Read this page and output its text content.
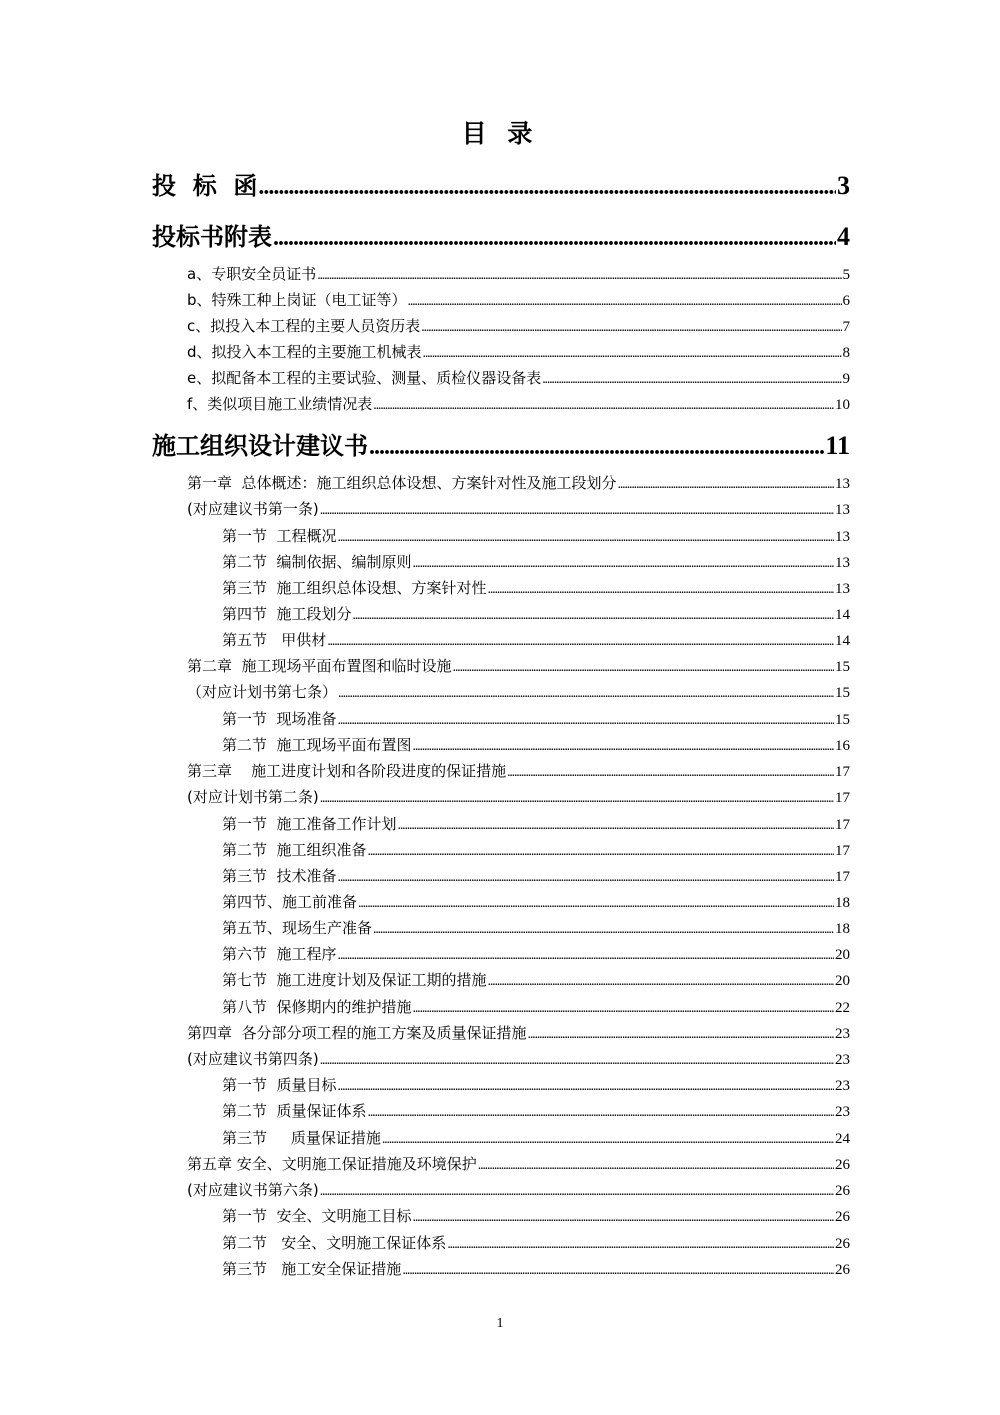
目 录
投  标  函 .....	3
投标书附表 .....	4
a、专职安全员证书 .....	5
b、特殊工种上岗证（电工证等） .....	6
c、拟投入本工程的主要人员资历表 .....	7
d、拟投入本工程的主要施工机械表 .....	8
e、拟配备本工程的主要试验、测量、质检仪器设备表 .....	9
f、类似项目施工业绩情况表 .....	10
施工组织设计建议书 .....	11
第一章  总体概述：施工组织总体设想、方案针对性及施工段划分 .....	13
(对应建议书第一条) .....	13
第一节  工程概况 .....	13
第二节  编制依据、编制原则 .....	13
第三节  施工组织总体设想、方案针对性 .....	13
第四节  施工段划分 .....	14
第五节   甲供材 .....	14
第二章  施工现场平面布置图和临时设施 .....	15
（对应计划书第七条） .....	15
第一节  现场准备 .....	15
第二节  施工现场平面布置图 .....	16
第三章    施工进度计划和各阶段进度的保证措施 .....	17
(对应计划书第二条) .....	17
第一节  施工准备工作计划 .....	17
第二节  施工组织准备 .....	17
第三节  技术准备 .....	17
第四节、施工前准备 .....	18
第五节、现场生产准备 .....	18
第六节  施工程序 .....	20
第七节  施工进度计划及保证工期的措施 .....	20
第八节  保修期内的维护措施 .....	22
第四章  各分部分项工程的施工方案及质量保证措施 .....	23
(对应建议书第四条) .....	23
第一节  质量目标 .....	23
第二节  质量保证体系 .....	23
第三节     质量保证措施 .....	24
第五章 安全、文明施工保证措施及环境保护 .....	26
(对应建议书第六条) .....	26
第一节  安全、文明施工目标 .....	26
第二节   安全、文明施工保证体系 .....	26
第三节   施工安全保证措施 .....	26
1
